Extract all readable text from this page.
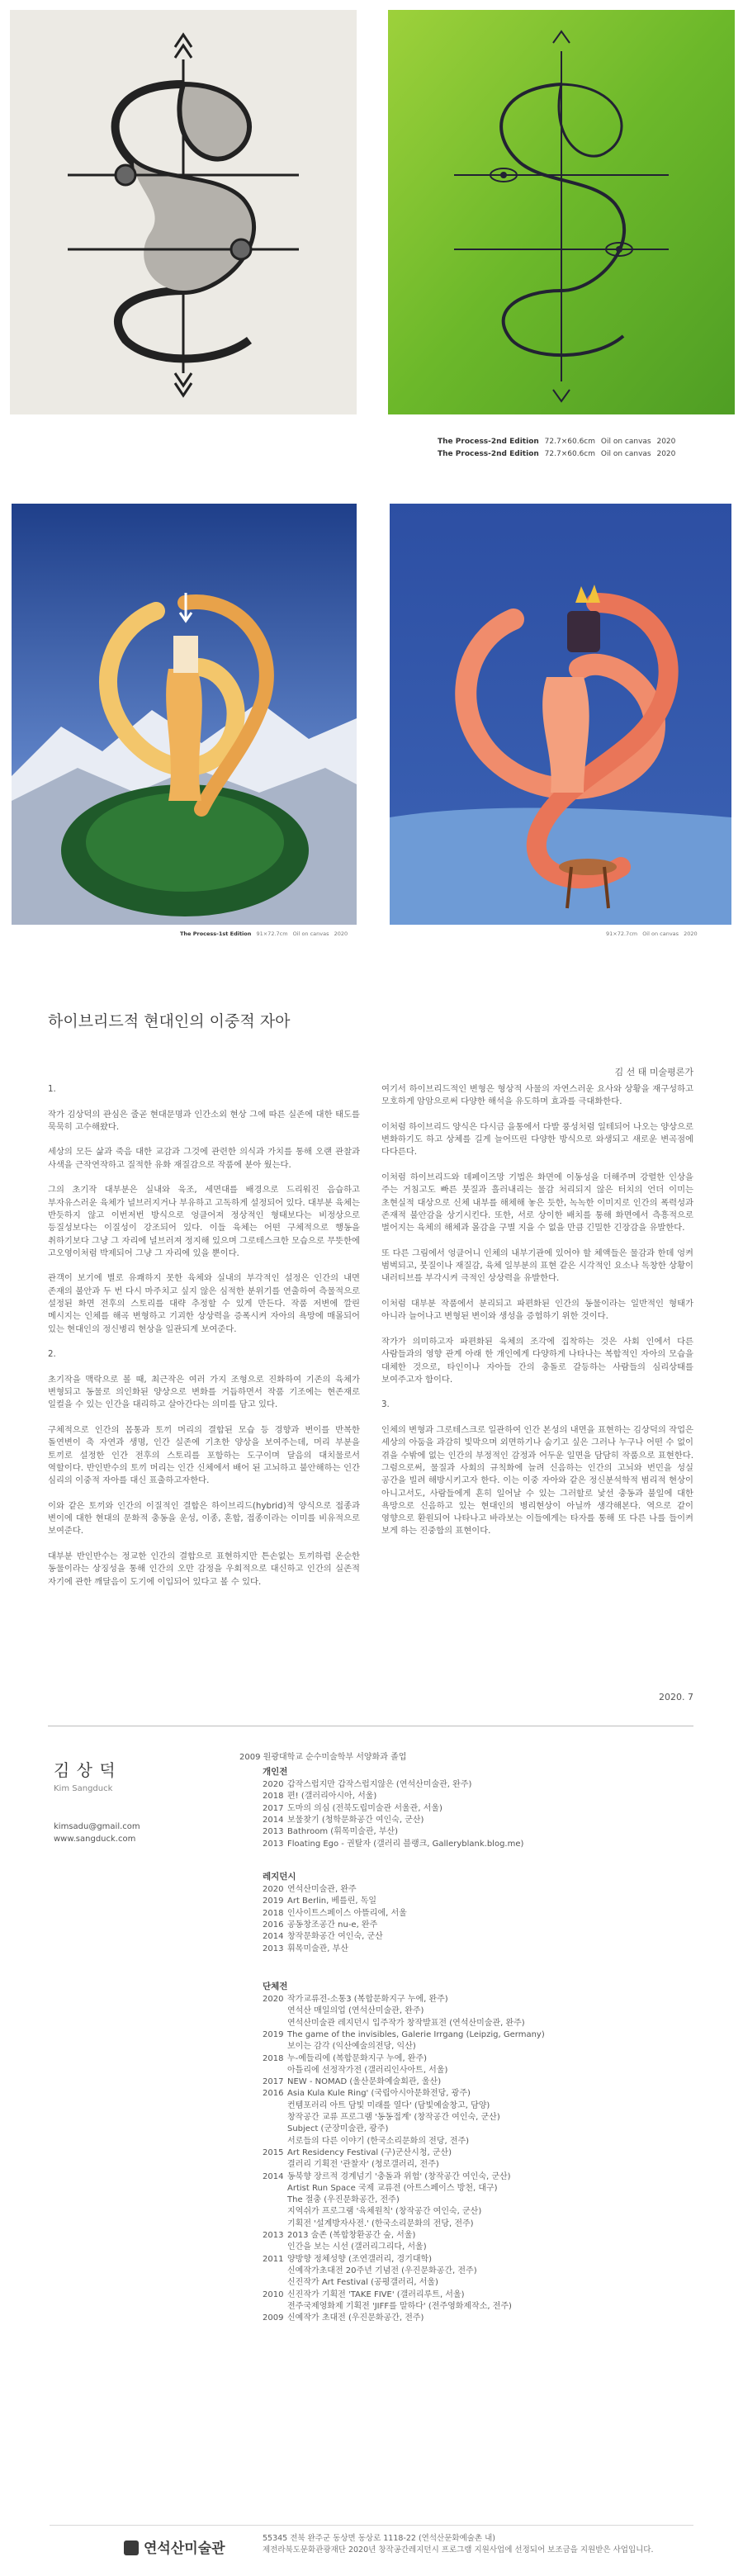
The Process-2nd Edition 72.7×60.6cm Oil on canvas 2020
The Process-2nd Edition 72.7×60.6cm Oil on canvas 2020
The Process-1st Edition 91×72.7cm Oil on canvas 2020	91×72.7cm Oil on canvas 2020
하이브리드적 현대인의 이중적 자아
김 선 태 미술평론가

1.

작가 김상덕의 관심은 줄곧 현대문명과 인간소외 현상 그에 따른 실존에 대한 태도를 묵묵히 고수해왔다.

세상의 모든 삶과 죽음 대한 교감과 그것에 관련한 의식과 가치를 통해 오랜 관찰과 사색을 근작연작하고 질적한 유화 재질감으로 작품에 분아 웠는다.

그의 초기작 대부분은 실내와 육조, 세면대를 배경으로 드리워진 음습하고 부자유스러운 육체가 널브러지거나 부유하고 고독하게 설정되어 있다. 대부분 육체는 반듯하지 않고 이번저번 방식으로 엉클어져 정상적인 형태보다는 비정상으로 등질성보다는 이질성이 강조되어 있다. 이들 육체는 어떤 구체적으로 행동을 취하기보다 그냥 그 자리에 널브러져 정지해 있으며 그로테스크한 모습으로 무뜻한에 고오영이처럼 박제되어 그냥 그 자리에 있을 뿐이다.

관객이 보기에 별로 유쾌하지 못한 육체와 실내의 부각적인 설정은 인간의 내면 존재의 불안과 두 번 다시 마주치고 싶지 않은 심적한 분위기를 연출하여 측물적으로 설정된 화면 전후의 스토리를 대략 추정할 수 있게 만든다. 작품 저변에 깔린 메시지는 인체를 해곡 변형하고 기괴한 상상력을 증폭시켜 자아의 욕망에 매몰되어 있는 현대인의 정신병리 현상을 일관되게 보여준다.

2.

초기작을 맥락으로 볼 때, 최근작은 여러 가지 조형으로 진화하여 기존의 육체가 변형되고 동물로 의인화된 양상으로 변화를 거듭하면서 작품 기조에는 현존재로 일컬을 수 있는 인간을 대리하고 살아간다는 의미를 담고 있다.

구체적으로 인간의 몸통과 토끼 머리의 결합된 모습 등 경향과 변이를 반복한 돌연변이 축 자연과 생명, 인간 실존에 기초한 양상을 보여주는데, 머리 부분을 토끼로 설정한 인간 전후의 스토리를 포함하는 도구이며 달음의 대치물로서 역할이다. 반인반수의 토끼 머리는 인간 신체에서 배어 된 고뇌하고 불안해하는 인간 심리의 이중적 자아를 대신 표출하고자한다.

이와 같은 토끼와 인간의 이질적인 결합은 하이브리드(hybrid)적 양식으로 접종과 변이에 대한 현대의 문화적 충동을 운성, 이종, 혼합, 접종이라는 이미를 비유적으로 보여준다.

대부분 반인반수는 정교한 인간의 결합으로 표현하지만 튼손없는 토끼하렴 온순한 동물이라는 상징성을 통해 인간의 오만 감정을 우회적으로 대신하고 인간의 실존적 자기에 관한 깨달음이 도기에 이입되어 있다고 볼 수 있다.

여기서 하이브리드적인 변형은 형상적 사물의 자연스러운 요사와 상황을 재구성하고 모호하게 암암으로써 다양한 해석을 유도하며 효과를 극대화한다.

이처럼 하이브리드 양식은 다시금 을통에서 다발 풍성처럼 일테되어 나오는 양상으로 변화하기도 하고 상체를 길게 늘어뜨린 다양한 방식으로 와생되고 새로운 변곡점에 다다른다.

이처럼 하이브리드와 데페이즈망 기법은 화면에 이동성을 더해주며 강렬한 인상을 주는 거침고도 빠른 붓질과 흘러내리는 물감 처리되지 않은 터치의 언더 이미는 초현실적 대상으로 신체 내부를 해체해 놓은 듯한, 녹녹한 이미지로 인간의 폭력성과 존재적 불안감을 상기시킨다. 또한, 서로 상이한 배치를 통해 화면에서 측흥적으로 벌어지는 육체의 해체과 몰감을 구별 지을 수 없을 만큼 긴밀한 긴장감을 유발한다.

또 다른 그림에서 엉클어니 인체의 내부기관에 있어야 할 체액들은 물감과 한데 엉켜 범벅되고, 붓질이나 재질감, 육체 일부분의 표현 같은 시각적인 요소나 독창한 상황이 내러티브를 부각시켜 극적인 상상력을 유발한다.

이처럼 대부분 작품에서 분리되고 파편화된 인간의 동물이라는 일반적인 형태가 아니라 늘어나고 변형된 변이와 생성을 증험하기 위한 것이다.

작가가 의미하고자 파편화된 육체의 조각에 집착하는 것은 사회 인에서 다른 사람들과의 영향 관계 아래 한 개인에게 다양하게 나타나는 복합적인 자아의 모습을 대체한 것으로, 타인이나 자아들 간의 충돌로 갈등하는 사람들의 심리상태를 보여주고자 함이다.

3.

인체의 변형과 그로테스크로 일관하여 인간 본성의 내면을 표현하는 김상덕의 작업은 세상의 아둠을 과감히 빛막으며 외면하기나 숨기고 싶은 그러나 누구나 어떤 수 없이 겪을 수밖에 없는 인간의 부정적인 감정과 어두운 일면을 담담히 작품으로 표현한다. 그럼으로써, 물질과 사회의 규칙화에 늘려 신음하는 인간의 고뇌와 번민을 성실 공간을 빌려 해방시키고자 한다. 이는 이중 자아와 같은 정신분석학적 범리적 현상이 아니고서도, 사람들에게 흔히 일어날 수 있는 그러할로 낯선 충동과 불일에 대한 욕망으로 신음하고 있는 현대인의 병리현상이 아닐까 생각해본다. 역으로 같이 영향으로 환원되어 나타나고 바라보는 이들에게는 타자를 통해 또 다른 나를 들이켜 보게 하는 진중함의 표현이다.

2020. 7
김 상 덕
Kim Sangduck
kimsadu@gmail.com
www.sangduck.com
2009 원광대학교 순수미술학부 서양화과 졸업
개인전
2020 갑작스럽지만 갑작스럽지않은 (연석산미술관, 완주)
2018 편! (갤러리아시아, 서울)
2017 도마의 의심 (전북도립미술관 서울관, 서울)
2014 보물찾기 (청학문화공간 여인숙, 군산)
2013 Bathroom (휘목미술관, 부산)
2013 Floating Ego - 권탈자 (갤러리 블랭크, Galleryblank.blog.me)
레지던시
2020 연석산미술관, 완주
2019 Art Berlin, 베를린, 독일
2018 인사이트스페이스 아뜰리에, 서울
2016 공동창조공간 nu-e, 완주
2014 창작문화공간 여인숙, 군산
2013 휘목미술관, 부산
단체전
2020 작가교류전-소통3 (복합문화지구 누에, 완주)
연석산 매일의업 (연석산미술관, 완주)
연석산미술관 레지던시 입주작가 창작발표전 (연석산미술관, 완주)
2019 The game of the invisibles, Galerie Irrgang (Leipzig, Germany)
보이는 감각 (익산예술의전당, 익산)
2018 누-예들리에 (복합문화지구 누에, 완주)
아틀리에 선정작가전 (갤러리인사아트, 서울)
2017 NEW - NOMAD (울산문화예술회관, 울산)
2016 Asia Kula Kule Ring' (국립아시아문화전당, 광주)
컨템포러리 아트 담빛 미래를 열다' (담빛예술창고, 담양)
창작공간 교류 프로그램 '동동접계' (창작공간 여인숙, 군산)
Subject (군장미술관, 광주)
서로들의 다른 이야기 (한국소리문화의 전당, 전주)
2015 Art Residency Festival (구)군산시청, 군산)
결러리 기획전 '관찰자' (청로갤러리, 전주)
2014 동북향 장르적 경계넘기 '충돌과 위험' (창작공간 여인숙, 군산)
Artist Run Space 국제 교류전 (아트스페이스 방천, 대구)
The 절충 (우진문화공간, 전주)
지역쉬가 프로그램 '육체원칙' (창작공간 여인숙, 군산)
기획전 '설계방자사전.' (한국소리문화의 전당, 전주)
2013 2013 술존 (복합창환공간 숲, 서울)
인간을 보는 시선 (갤러리그리다, 서울)
2011 양방향 정체성향 (조연갤러리, 경기대학)
신예작가초대전 20주년 기념전 (우진문화공간, 전주)
신진작가 Art Festival (공평갤러리, 서울)
2010 신진작가 기획전 'TAKE FIVE' (갤러리루트, 서울)
전주국제영화제 기획전 'JIFF를 말하다' (전주영화제작소, 전주)
2009 신예작가 초대전 (우진문화공간, 전주)
연석산미술관
55345 전북 완주군 동상면 동상로 1118-22 (연석산문화예술촌 내)
제전라북도문화관광재단 2020년 창작공간레지던시 프로그램 지원사업에 선정되어 보조금을 지원받은 사업입니다.
